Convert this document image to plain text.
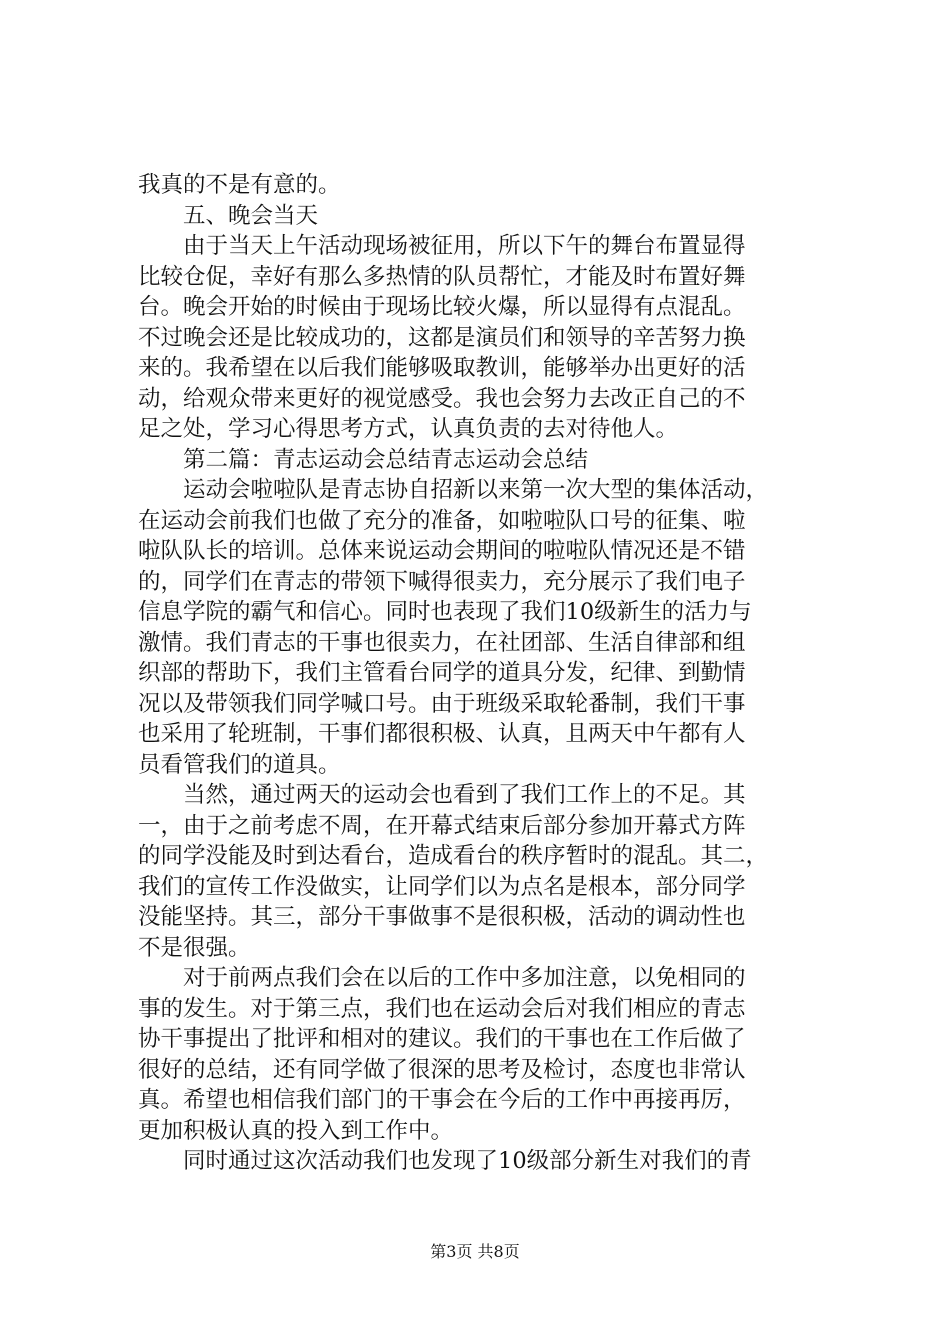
我真的不是有意的。
五、晚会当天
由于当天上午活动现场被征用，所以下午的舞台布置显得
比较仓促，幸好有那么多热情的队员帮忙，才能及时布置好舞
台。晚会开始的时候由于现场比较火爆，所以显得有点混乱。
不过晚会还是比较成功的，这都是演员们和领导的辛苦努力换
来的。我希望在以后我们能够吸取教训，能够举办出更好的活
动，给观众带来更好的视觉感受。我也会努力去改正自己的不
足之处，学习心得思考方式，认真负责的去对待他人。
第二篇：青志运动会总结青志运动会总结
运动会啦啦队是青志协自招新以来第一次大型的集体活动，
在运动会前我们也做了充分的准备，如啦啦队口号的征集、啦
啦队队长的培训。总体来说运动会期间的啦啦队情况还是不错
的，同学们在青志的带领下喊得很卖力，充分展示了我们电子
信息学院的霸气和信心。同时也表现了我们10级新生的活力与
激情。我们青志的干事也很卖力，在社团部、生活自律部和组
织部的帮助下，我们主管看台同学的道具分发，纪律、到勤情
况以及带领我们同学喊口号。由于班级采取轮番制，我们干事
也采用了轮班制，干事们都很积极、认真，且两天中午都有人
员看管我们的道具。
当然，通过两天的运动会也看到了我们工作上的不足。其
一，由于之前考虑不周，在开幕式结束后部分参加开幕式方阵
的同学没能及时到达看台，造成看台的秩序暂时的混乱。其二，
我们的宣传工作没做实，让同学们以为点名是根本，部分同学
没能坚持。其三，部分干事做事不是很积极，活动的调动性也
不是很强。
对于前两点我们会在以后的工作中多加注意，以免相同的
事的发生。对于第三点，我们也在运动会后对我们相应的青志
协干事提出了批评和相对的建议。我们的干事也在工作后做了
很好的总结，还有同学做了很深的思考及检讨，态度也非常认
真。希望也相信我们部门的干事会在今后的工作中再接再厉，
更加积极认真的投入到工作中。
同时通过这次活动我们也发现了10级部分新生对我们的青
第3页 共8页
